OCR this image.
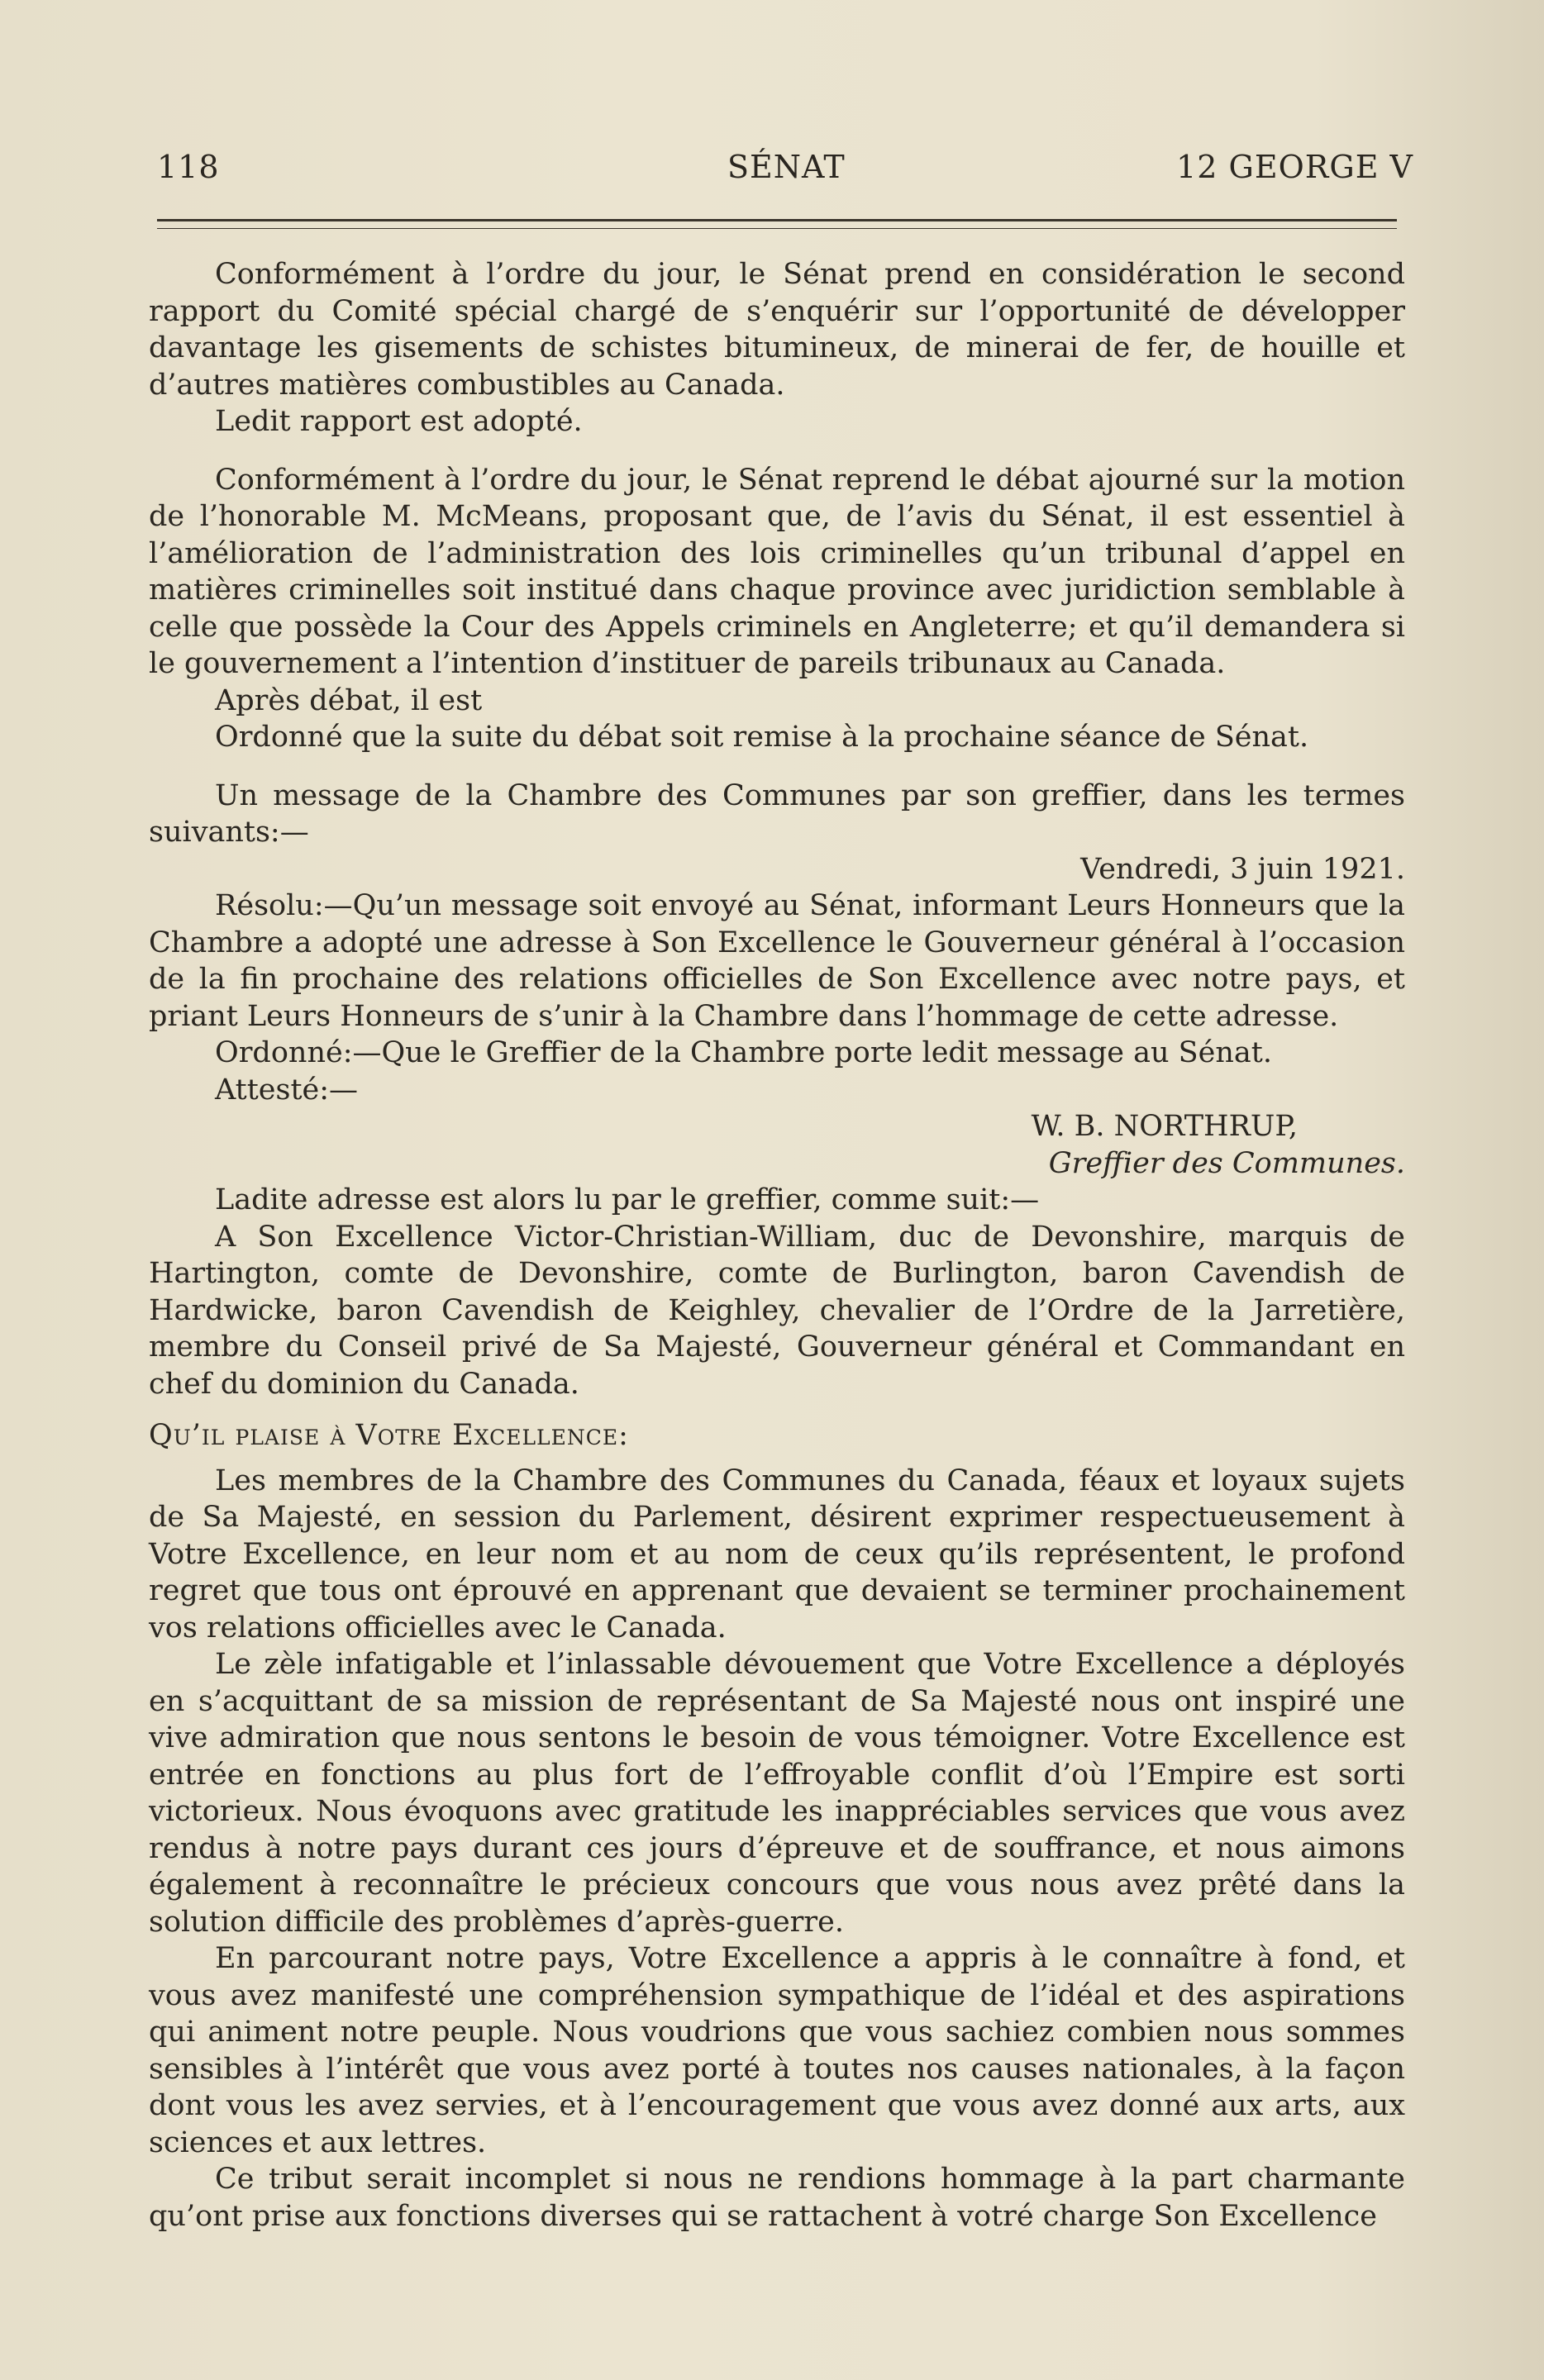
118	SÉNAT	12 GEORGE V

Conformément à l’ordre du jour, le Sénat prend en considération le second rapport du Comité spécial chargé de s’enquérir sur l’opportunité de développer davantage les gisements de schistes bitumineux, de minerai de fer, de houille et d’autres matières combustibles au Canada.

Ledit rapport est adopté.

Conformément à l’ordre du jour, le Sénat reprend le débat ajourné sur la motion de l’honorable M. McMeans, proposant que, de l’avis du Sénat, il est essentiel à l’amélioration de l’administration des lois criminelles qu’un tribunal d’appel en matières criminelles soit institué dans chaque province avec juridiction semblable à celle que possède la Cour des Appels criminels en Angleterre; et qu’il demandera si le gouvernement a l’intention d’instituer de pareils tribunaux au Canada.

Après débat, il est

Ordonné que la suite du débat soit remise à la prochaine séance de Sénat.

Un message de la Chambre des Communes par son greffier, dans les termes suivants:—

Vendredi, 3 juin 1921.

Résolu:—Qu’un message soit envoyé au Sénat, informant Leurs Honneurs que la Chambre a adopté une adresse à Son Excellence le Gouverneur général à l’occasion de la fin prochaine des relations officielles de Son Excellence avec notre pays, et priant Leurs Honneurs de s’unir à la Chambre dans l’hommage de cette adresse.

Ordonné:—Que le Greffier de la Chambre porte ledit message au Sénat.

Attesté:—

W. B. NORTHRUP,

Greffier des Communes.

Ladite adresse est alors lu par le greffier, comme suit:—

A Son Excellence Victor-Christian-William, duc de Devonshire, marquis de Hartington, comte de Devonshire, comte de Burlington, baron Cavendish de Hardwicke, baron Cavendish de Keighley, chevalier de l’Ordre de la Jarretière, membre du Conseil privé de Sa Majesté, Gouverneur général et Commandant en chef du dominion du Canada.

Qu’il plaise à Votre Excellence:

Les membres de la Chambre des Communes du Canada, féaux et loyaux sujets de Sa Majesté, en session du Parlement, désirent exprimer respectueusement à Votre Excellence, en leur nom et au nom de ceux qu’ils représentent, le profond regret que tous ont éprouvé en apprenant que devaient se terminer prochainement vos relations officielles avec le Canada.

Le zèle infatigable et l’inlassable dévouement que Votre Excellence a déployés en s’acquittant de sa mission de représentant de Sa Majesté nous ont inspiré une vive admiration que nous sentons le besoin de vous témoigner. Votre Excellence est entrée en fonctions au plus fort de l’effroyable conflit d’où l’Empire est sorti victorieux. Nous évoquons avec gratitude les inappréciables services que vous avez rendus à notre pays durant ces jours d’épreuve et de souffrance, et nous aimons également à reconnaître le précieux concours que vous nous avez prêté dans la solution difficile des problèmes d’après-guerre.

En parcourant notre pays, Votre Excellence a appris à le connaître à fond, et vous avez manifesté une compréhension sympathique de l’idéal et des aspirations qui animent notre peuple. Nous voudrions que vous sachiez combien nous sommes sensibles à l’intérêt que vous avez porté à toutes nos causes nationales, à la façon dont vous les avez servies, et à l’encouragement que vous avez donné aux arts, aux sciences et aux lettres.

Ce tribut serait incomplet si nous ne rendions hommage à la part charmante qu’ont prise aux fonctions diverses qui se rattachent à votré charge Son Excellence
